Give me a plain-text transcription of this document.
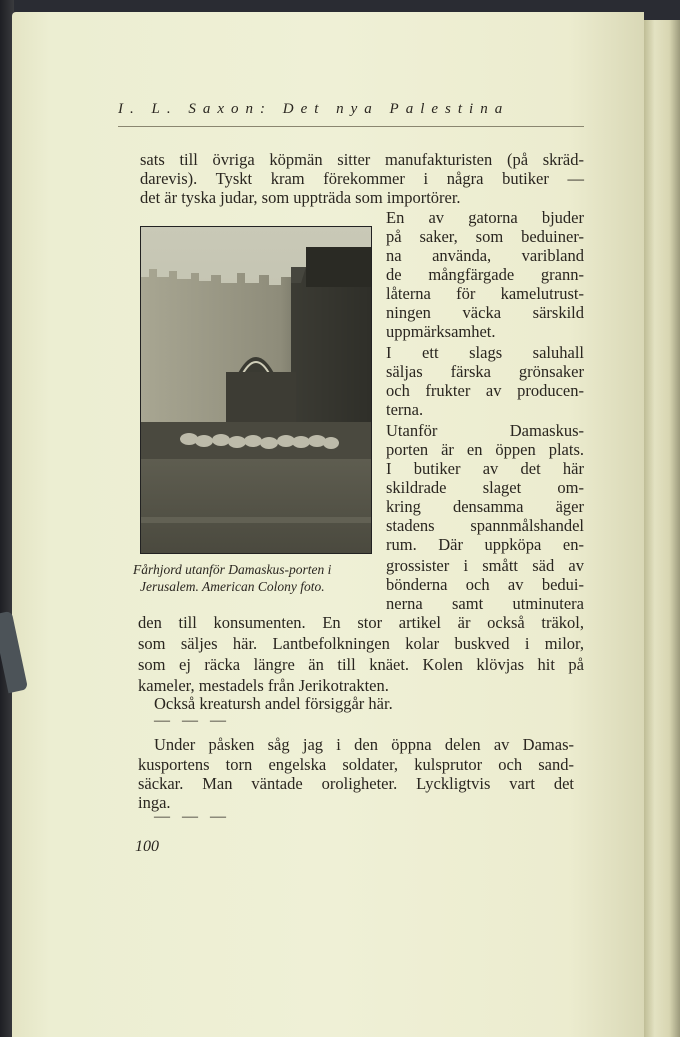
I. L. Saxon: Det nya Palestina
sats till övriga köpmän sitter manufakturisten (på skräd-
darevis). Tyskt kram förekommer i några butiker —
det är tyska judar, som uppträda som importörer.
En av gatorna bjuder
på saker, som beduiner-
na använda, varibland
de mångfärgade grann-
låterna för kamelutrust-
ningen väcka särskild
uppmärksamhet.
I ett slags saluhall
säljas färska grönsaker
och frukter av producen-
terna.
Utanför Damaskus-
porten är en öppen plats.
I butiker av det här
skildrade slaget om-
kring densamma äger
stadens spannmålshandel
rum. Där uppköpa en-
grossister i smått säd av
bönderna och av bedui-
nerna samt utminutera
Fårhjord utanför Damaskus-porten i
Jerusalem. American Colony foto.
den till konsumenten. En stor artikel är också träkol,
som säljes här. Lantbefolkningen kolar buskved i milor,
som ej räcka längre än till knäet. Kolen klövjas hit på
kameler, mestadels från Jerikotrakten.
Också kreatursh andel försiggår här.
— — —
Under påsken såg jag i den öppna delen av Damas-
kusportens torn engelska soldater, kulsprutor och sand-
säckar. Man väntade oroligheter. Lyckligtvis vart det
inga.
— — —
100
